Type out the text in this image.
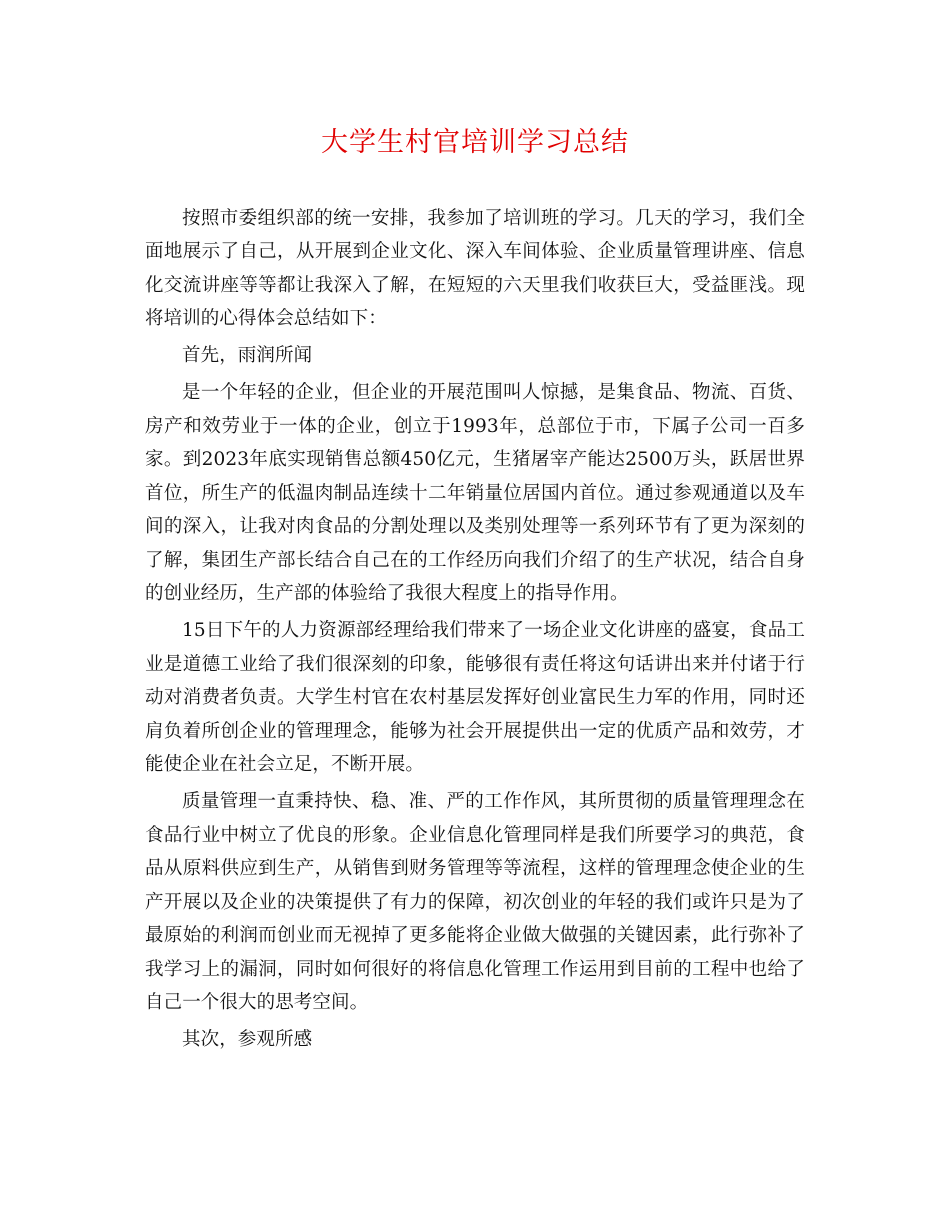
大学生村官培训学习总结

按照市委组织部的统一安排，我参加了培训班的学习。几天的学习，我们全面地展示了自己，从开展到企业文化、深入车间体验、企业质量管理讲座、信息化交流讲座等等都让我深入了解，在短短的六天里我们收获巨大，受益匪浅。现将培训的心得体会总结如下：

首先，雨润所闻

是一个年轻的企业，但企业的开展范围叫人惊撼，是集食品、物流、百货、房产和效劳业于一体的企业，创立于1993年，总部位于市，下属子公司一百多家。到2023年底实现销售总额450亿元，生猪屠宰产能达2500万头，跃居世界首位，所生产的低温肉制品连续十二年销量位居国内首位。通过参观通道以及车间的深入，让我对肉食品的分割处理以及类别处理等一系列环节有了更为深刻的了解，集团生产部长结合自己在的工作经历向我们介绍了的生产状况，结合自身的创业经历，生产部的体验给了我很大程度上的指导作用。

15日下午的人力资源部经理给我们带来了一场企业文化讲座的盛宴，食品工业是道德工业给了我们很深刻的印象，能够很有责任将这句话讲出来并付诸于行动对消费者负责。大学生村官在农村基层发挥好创业富民生力军的作用，同时还肩负着所创企业的管理理念，能够为社会开展提供出一定的优质产品和效劳，才能使企业在社会立足，不断开展。

质量管理一直秉持快、稳、准、严的工作作风，其所贯彻的质量管理理念在食品行业中树立了优良的形象。企业信息化管理同样是我们所要学习的典范，食品从原料供应到生产，从销售到财务管理等等流程，这样的管理理念使企业的生产开展以及企业的决策提供了有力的保障，初次创业的年轻的我们或许只是为了最原始的利润而创业而无视掉了更多能将企业做大做强的关键因素，此行弥补了我学习上的漏洞，同时如何很好的将信息化管理工作运用到目前的工程中也给了自己一个很大的思考空间。

其次，参观所感
